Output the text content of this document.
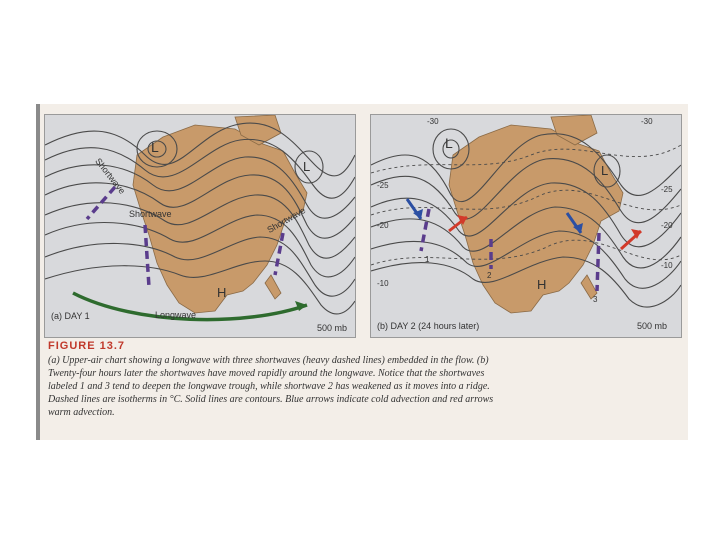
L
L
H
Shortwave
Shortwave	Shortwave
Longwave
(a) DAY 1
500 mb
L
L
H
1
2
3
-30	-30
-25	-25
-20	-20
-10
-10
(b) DAY 2 (24 hours later)	500 mb
FIGURE 13.7
(a) Upper-air chart showing a longwave with three shortwaves (heavy dashed lines) embedded in the flow. (b) Twenty-four hours later the shortwaves have moved rapidly around the longwave. Notice that the shortwaves labeled 1 and 3 tend to deepen the longwave trough, while shortwave 2 has weakened as it moves into a ridge. Dashed lines are isotherms in °C. Solid lines are contours. Blue arrows indicate cold advection and red arrows warm advection.
